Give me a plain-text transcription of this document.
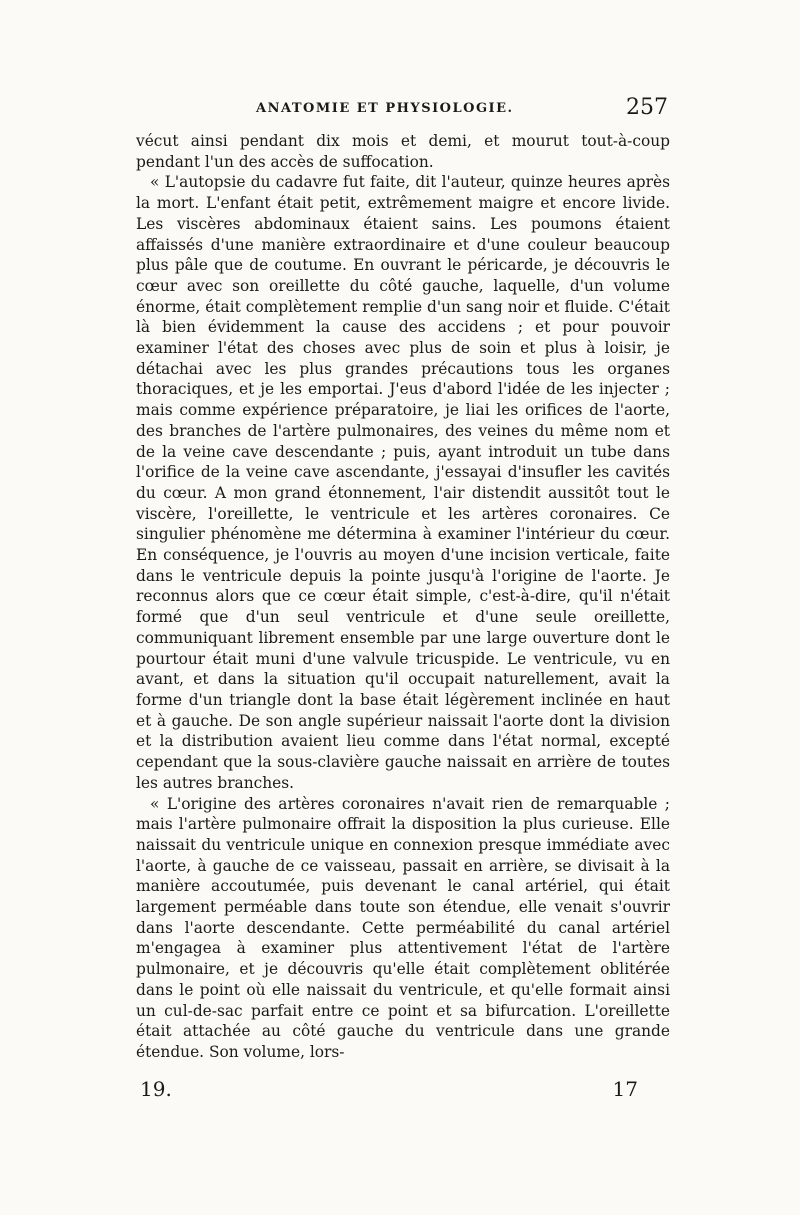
ANATOMIE ET PHYSIOLOGIE.	257

vécut ainsi pendant dix mois et demi, et mourut tout-à-coup pendant l'un des accès de suffocation.

« L'autopsie du cadavre fut faite, dit l'auteur, quinze heures après la mort. L'enfant était petit, extrêmement maigre et encore livide. Les viscères abdominaux étaient sains. Les poumons étaient affaissés d'une manière extraordinaire et d'une couleur beaucoup plus pâle que de coutume. En ouvrant le péricarde, je découvris le cœur avec son oreillette du côté gauche, laquelle, d'un volume énorme, était complètement remplie d'un sang noir et fluide. C'était là bien évidemment la cause des accidens ; et pour pouvoir examiner l'état des choses avec plus de soin et plus à loisir, je détachai avec les plus grandes précautions tous les organes thoraciques, et je les emportai. J'eus d'abord l'idée de les injecter ; mais comme expérience préparatoire, je liai les orifices de l'aorte, des branches de l'artère pulmonaires, des veines du même nom et de la veine cave descendante ; puis, ayant introduit un tube dans l'orifice de la veine cave ascendante, j'essayai d'insufler les cavités du cœur. A mon grand étonnement, l'air distendit aussitôt tout le viscère, l'oreillette, le ventricule et les artères coronaires. Ce singulier phénomène me détermina à examiner l'intérieur du cœur. En conséquence, je l'ouvris au moyen d'une incision verticale, faite dans le ventricule depuis la pointe jusqu'à l'origine de l'aorte. Je reconnus alors que ce cœur était simple, c'est-à-dire, qu'il n'était formé que d'un seul ventricule et d'une seule oreillette, communiquant librement ensemble par une large ouverture dont le pourtour était muni d'une valvule tricuspide. Le ventricule, vu en avant, et dans la situation qu'il occupait naturellement, avait la forme d'un triangle dont la base était légèrement inclinée en haut et à gauche. De son angle supérieur naissait l'aorte dont la division et la distribution avaient lieu comme dans l'état normal, excepté cependant que la sous-clavière gauche naissait en arrière de toutes les autres branches.

« L'origine des artères coronaires n'avait rien de remarquable ; mais l'artère pulmonaire offrait la disposition la plus curieuse. Elle naissait du ventricule unique en connexion presque immédiate avec l'aorte, à gauche de ce vaisseau, passait en arrière, se divisait à la manière accoutumée, puis devenant le canal artériel, qui était largement perméable dans toute son étendue, elle venait s'ouvrir dans l'aorte descendante. Cette perméabilité du canal artériel m'engagea à examiner plus attentivement l'état de l'artère pulmonaire, et je découvris qu'elle était complètement oblitérée dans le point où elle naissait du ventricule, et qu'elle formait ainsi un cul-de-sac parfait entre ce point et sa bifurcation. L'oreillette était attachée au côté gauche du ventricule dans une grande étendue. Son volume, lors-

19.	17
